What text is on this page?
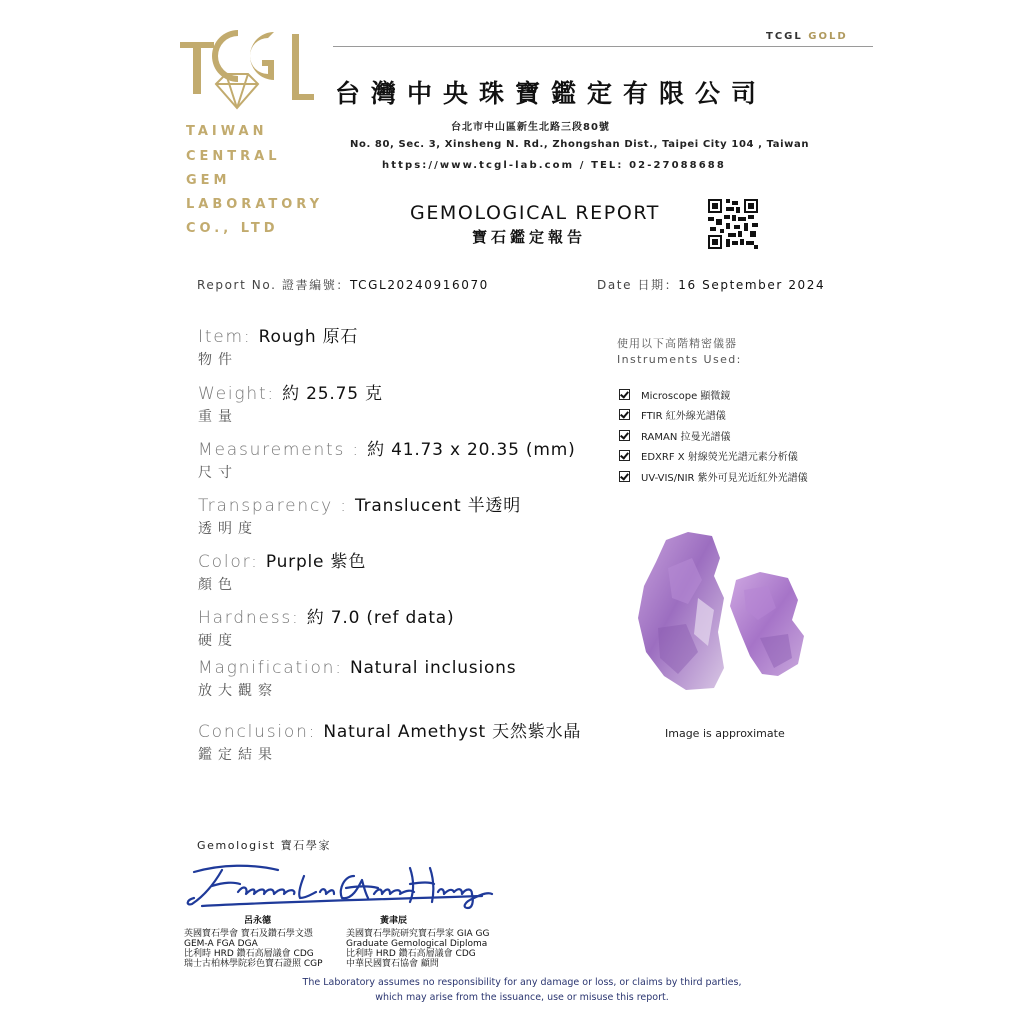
TCGL GOLD
TCGL
TAIWAN
CENTRAL
GEM
LABORATORY
CO., LTD
台灣中央珠寶鑑定有限公司
台北市中山區新生北路三段80號
No. 80, Sec. 3, Xinsheng N. Rd., Zhongshan Dist., Taipei City 104 , Taiwan
https://www.tcgl-lab.com / TEL: 02-27088688
GEMOLOGICAL REPORT
寶石鑑定報告
Report No. 證書編號：TCGL20240916070	Date 日期：16 September 2024
Item: Rough 原石
物件
Weight: 約 25.75 克
重量
Measurements : 約 41.73 x 20.35 (mm)
尺寸
Transparency : Translucent 半透明
透明度
Color: Purple 紫色
顏色
Hardness: 約 7.0 (ref data)
硬度
Magnification: Natural inclusions
放大觀察
Conclusion: Natural Amethyst 天然紫水晶
鑑定結果
使用以下高階精密儀器
Instruments Used:
Microscope 顯微鏡
FTIR 紅外線光譜儀
RAMAN 拉曼光譜儀
EDXRF X 射線熒光光譜元素分析儀
UV-VIS/NIR 紫外可見光近紅外光譜儀
Image is approximate
Gemologist 寶石學家
Franco Lui Anne Huang
呂永德	黃聿辰
英國寶石學會 寶石及鑽石學文憑
GEM-A FGA DGA
比利時 HRD 鑽石高層議會 CDG
瑞士古柏林學院彩色寶石證照 CGP
美國寶石學院研究寶石學家 GIA GG
Graduate Gemological Diploma
比利時 HRD 鑽石高層議會 CDG
中華民國寶石協會 顧問
The Laboratory assumes no responsibility for any damage or loss, or claims by third parties, which may arise from the issuance, use or misuse this report.
